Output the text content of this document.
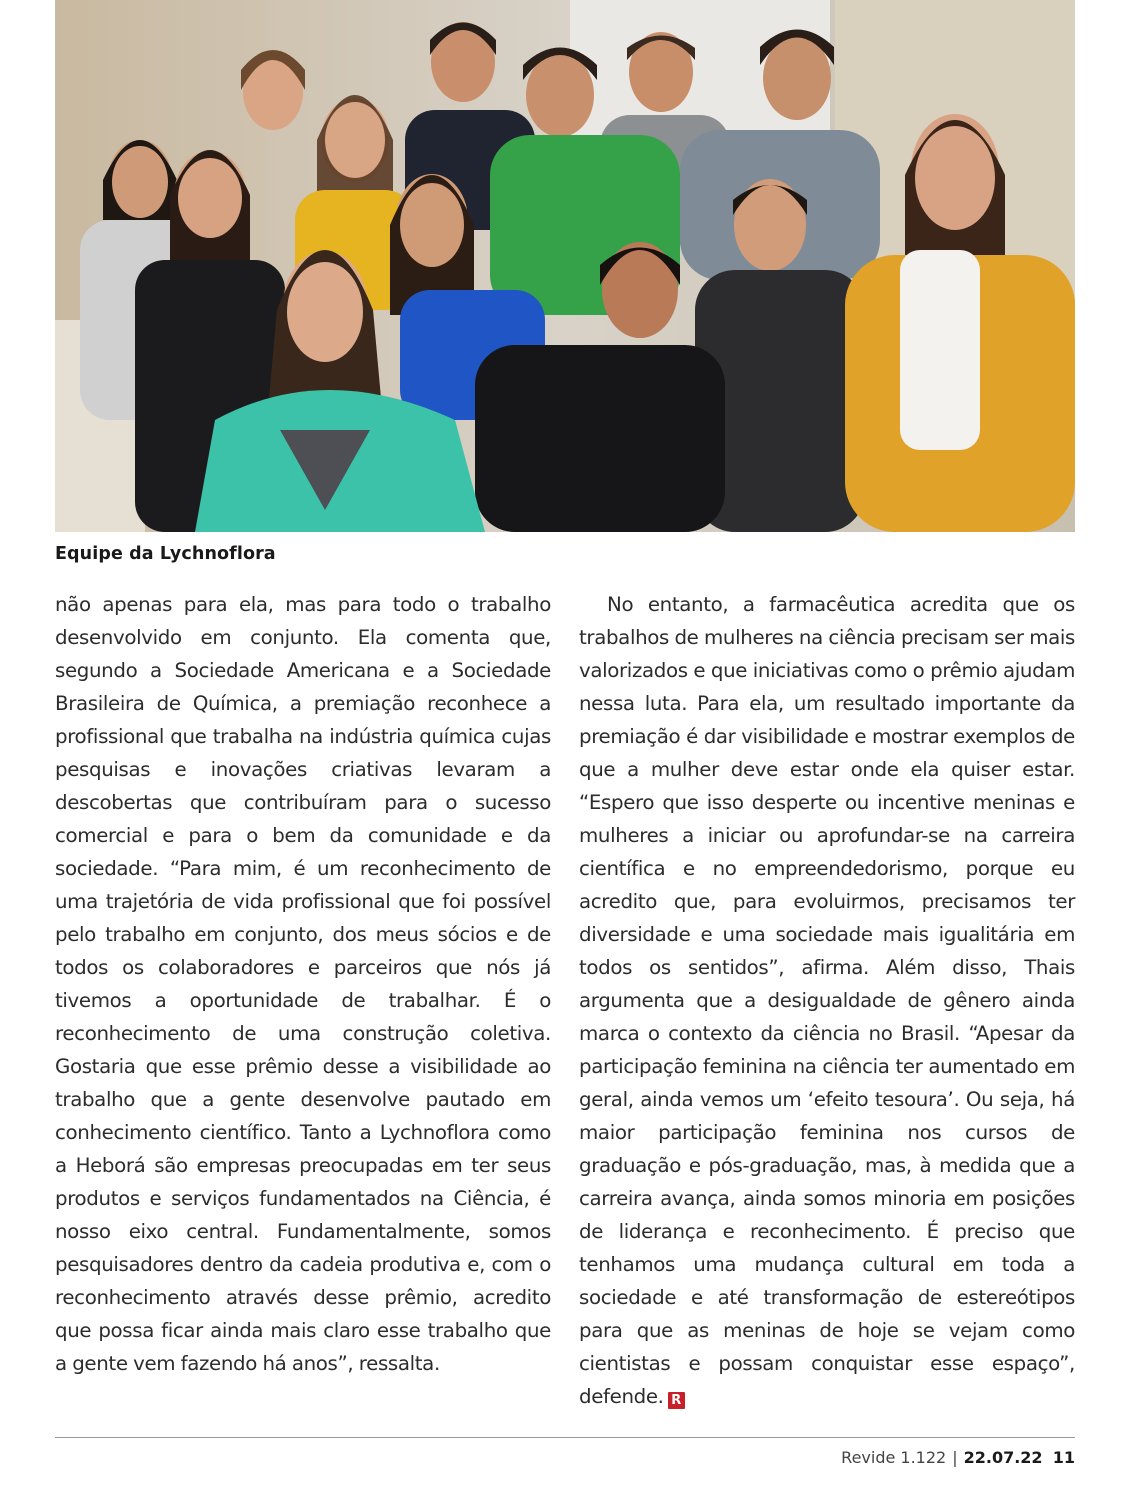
Equipe da Lychnoflora

não apenas para ela, mas para todo o trabalho desenvolvido em conjunto. Ela comenta que, segundo a Sociedade Americana e a Sociedade Brasileira de Química, a premiação reconhece a profissional que trabalha na indústria química cujas pesquisas e inovações criativas levaram a descobertas que contribuíram para o sucesso comercial e para o bem da comunidade e da sociedade. “Para mim, é um reconhecimento de uma trajetória de vida profissional que foi possível pelo trabalho em conjunto, dos meus sócios e de todos os colaboradores e parceiros que nós já tivemos a oportunidade de trabalhar. É o reconhecimento de uma construção coletiva. Gostaria que esse prêmio desse a visibilidade ao trabalho que a gente desenvolve pautado em conhecimento científico. Tanto a Lychnoflora como a Heborá são empresas preocupadas em ter seus produtos e serviços fundamentados na Ciência, é nosso eixo central. Fundamentalmente, somos pesquisadores dentro da cadeia produtiva e, com o reconhecimento através desse prêmio, acredito que possa ficar ainda mais claro esse trabalho que a gente vem fazendo há anos”, ressalta.

No entanto, a farmacêutica acredita que os trabalhos de mulheres na ciência precisam ser mais valorizados e que iniciativas como o prêmio ajudam nessa luta. Para ela, um resultado importante da premiação é dar visibilidade e mostrar exemplos de que a mulher deve estar onde ela quiser estar. “Espero que isso desperte ou incentive meninas e mulheres a iniciar ou aprofundar-se na carreira científica e no empreendedorismo, porque eu acredito que, para evoluirmos, precisamos ter diversidade e uma sociedade mais igualitária em todos os sentidos”, afirma. Além disso, Thais argumenta que a desigualdade de gênero ainda marca o contexto da ciência no Brasil. “Apesar da participação feminina na ciência ter aumentado em geral, ainda vemos um ‘efeito tesoura’. Ou seja, há maior participação feminina nos cursos de graduação e pós-graduação, mas, à medida que a carreira avança, ainda somos minoria em posições de liderança e reconhecimento. É preciso que tenhamos uma mudança cultural em toda a sociedade e até transformação de estereótipos para que as meninas de hoje se vejam como cientistas e possam conquistar esse espaço”, defende. R

Revide 1.122 | 22.07.22 11
